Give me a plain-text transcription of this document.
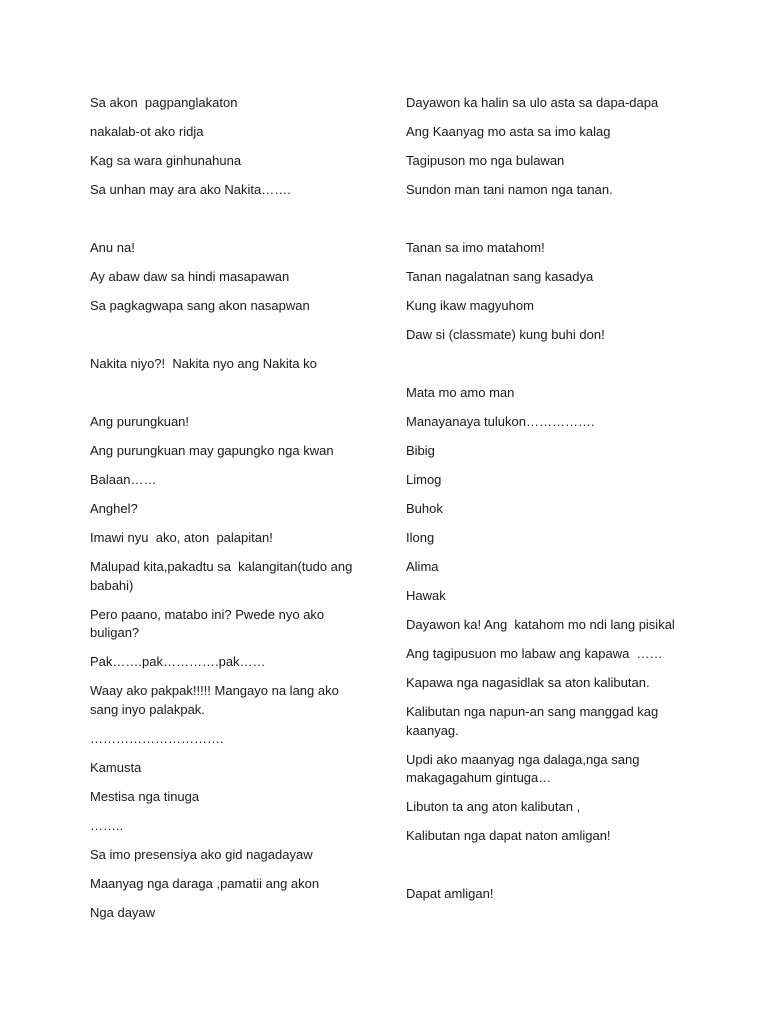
Sa akon  pagpanglakaton
nakalab-ot ako ridja
Kag sa wara ginhunahuna
Sa unhan may ara ako Nakita…….
Anu na!
Ay abaw daw sa hindi masapawan
Sa pagkagwapa sang akon nasapwan
Nakita niyo?!  Nakita nyo ang Nakita ko
Ang purungkuan!
Ang purungkuan may gapungko nga kwan
Balaan……
Anghel?
Imawi nyu  ako, aton  palapitan!
Malupad kita,pakadtu sa  kalangitan(tudo ang babahi)
Pero paano, matabo ini? Pwede nyo ako buligan?
Pak…….pak………….pak……
Waay ako pakpak!!!!! Mangayo na lang ako sang inyo palakpak.
………………………….
Kamusta
Mestisa nga tinuga
……..
Sa imo presensiya ako gid nagadayaw
Maanyag nga daraga ,pamatii ang akon
Nga dayaw
Dayawon ka halin sa ulo asta sa dapa-dapa
Ang Kaanyag mo asta sa imo kalag
Tagipuson mo nga bulawan
Sundon man tani namon nga tanan.
Tanan sa imo matahom!
Tanan nagalatnan sang kasadya
Kung ikaw magyuhom
Daw si (classmate) kung buhi don!
Mata mo amo man
Manayanaya tulukon…………….
Bibig
Limog
Buhok
Ilong
Alima
Hawak
Dayawon ka! Ang  katahom mo ndi lang pisikal
Ang tagipusuon mo labaw ang kapawa  ……
Kapawa nga nagasidlak sa aton kalibutan.
Kalibutan nga napun-an sang manggad kag kaanyag.
Updi ako maanyag nga dalaga,nga sang makagagahum gintuga…
Libuton ta ang aton kalibutan ,
Kalibutan nga dapat naton amligan!
Dapat amligan!
